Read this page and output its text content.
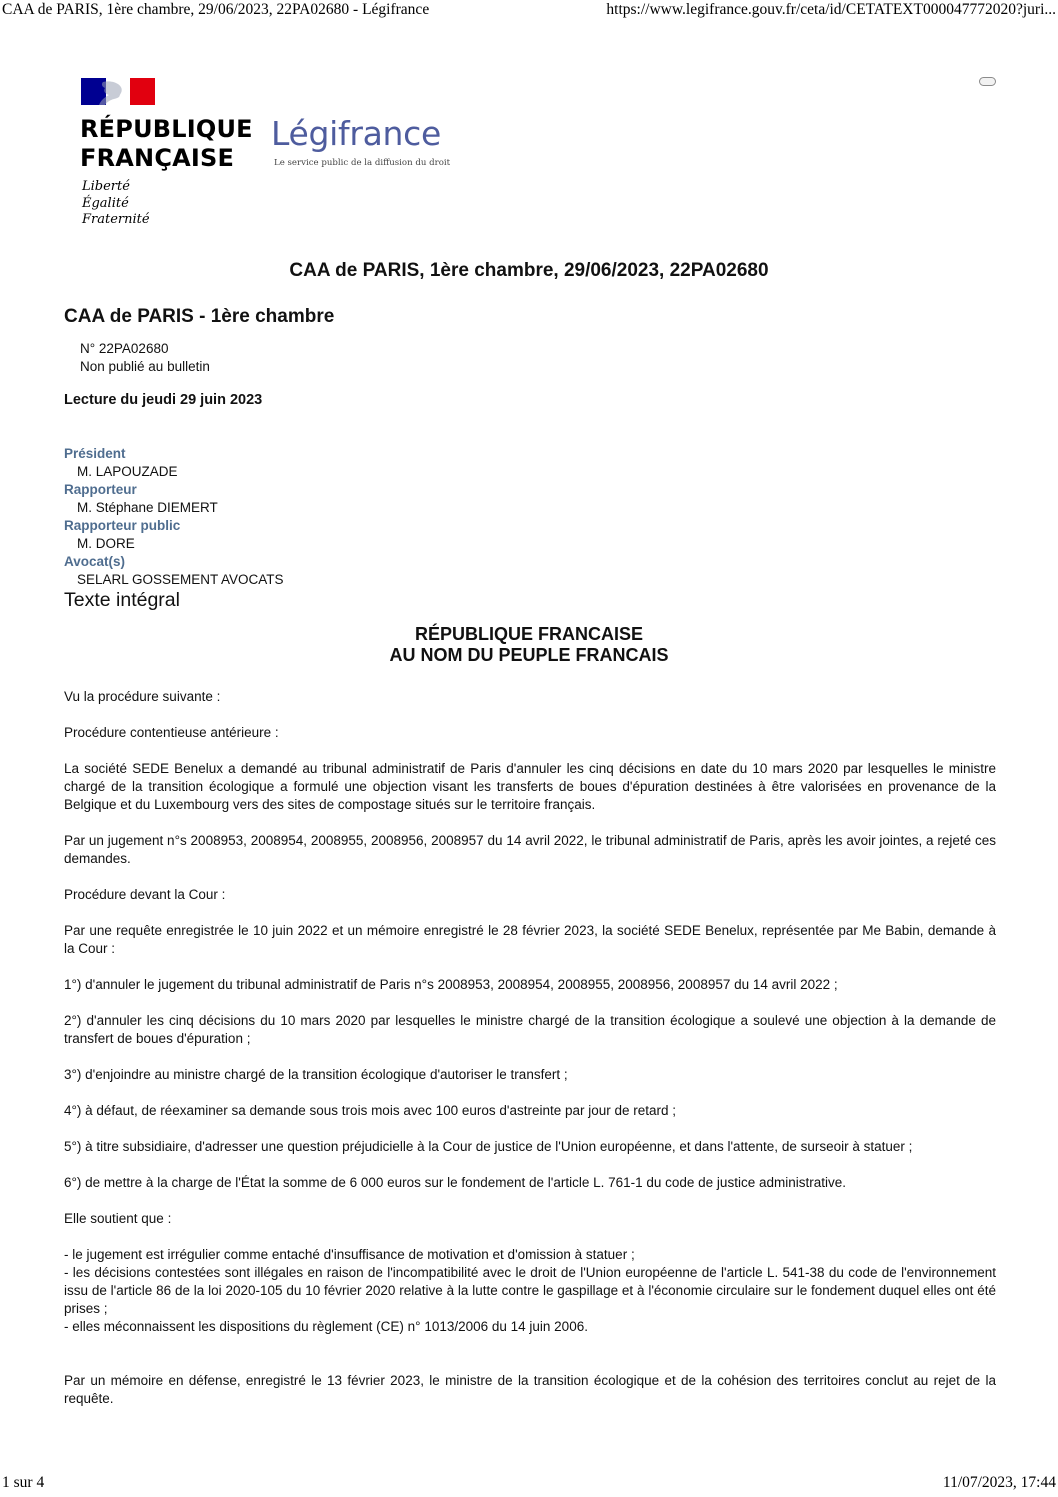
CAA de PARIS, 1ère chambre, 29/06/2023, 22PA02680 - Légifrance	https://www.legifrance.gouv.fr/ceta/id/CETATEXT000047772020?juri...
RÉPUBLIQUE
FRANÇAISE
Liberté
Égalité
Fraternité
Légifrance
Le service public de la diffusion du droit
CAA de PARIS, 1ère chambre, 29/06/2023, 22PA02680
CAA de PARIS - 1ère chambre
N° 22PA02680
Non publié au bulletin
Lecture du jeudi 29 juin 2023
Président
M. LAPOUZADE
Rapporteur
M. Stéphane DIEMERT
Rapporteur public
M. DORE
Avocat(s)
SELARL GOSSEMENT AVOCATS
Texte intégral
RÉPUBLIQUE FRANCAISE
AU NOM DU PEUPLE FRANCAIS

Vu la procédure suivante :

Procédure contentieuse antérieure :

La société SEDE Benelux a demandé au tribunal administratif de Paris d'annuler les cinq décisions en date du 10 mars 2020 par lesquelles le ministre chargé de la transition écologique a formulé une objection visant les transferts de boues d'épuration destinées à être valorisées en provenance de la Belgique et du Luxembourg vers des sites de compostage situés sur le territoire français.

Par un jugement n°s 2008953, 2008954, 2008955, 2008956, 2008957 du 14 avril 2022, le tribunal administratif de Paris, après les avoir jointes, a rejeté ces demandes.

Procédure devant la Cour :

Par une requête enregistrée le 10 juin 2022 et un mémoire enregistré le 28 février 2023, la société SEDE Benelux, représentée par Me Babin, demande à la Cour :

1°) d'annuler le jugement du tribunal administratif de Paris n°s 2008953, 2008954, 2008955, 2008956, 2008957 du 14 avril 2022 ;

2°) d'annuler les cinq décisions du 10 mars 2020 par lesquelles le ministre chargé de la transition écologique a soulevé une objection à la demande de transfert de boues d'épuration ;

3°) d'enjoindre au ministre chargé de la transition écologique d'autoriser le transfert ;

4°) à défaut, de réexaminer sa demande sous trois mois avec 100 euros d'astreinte par jour de retard ;

5°) à titre subsidiaire, d'adresser une question préjudicielle à la Cour de justice de l'Union européenne, et dans l'attente, de surseoir à statuer ;

6°) de mettre à la charge de l'État la somme de 6 000 euros sur le fondement de l'article L. 761-1 du code de justice administrative.

Elle soutient que :

- le jugement est irrégulier comme entaché d'insuffisance de motivation et d'omission à statuer ;

- les décisions contestées sont illégales en raison de l'incompatibilité avec le droit de l'Union européenne de l'article L. 541-38 du code de l'environnement issu de l'article 86 de la loi 2020-105 du 10 février 2020 relative à la lutte contre le gaspillage et à l'économie circulaire sur le fondement duquel elles ont été prises ;

- elles méconnaissent les dispositions du règlement (CE) n° 1013/2006 du 14 juin 2006.

Par un mémoire en défense, enregistré le 13 février 2023, le ministre de la transition écologique et de la cohésion des territoires conclut au rejet de la requête.

1 sur 4	11/07/2023, 17:44
